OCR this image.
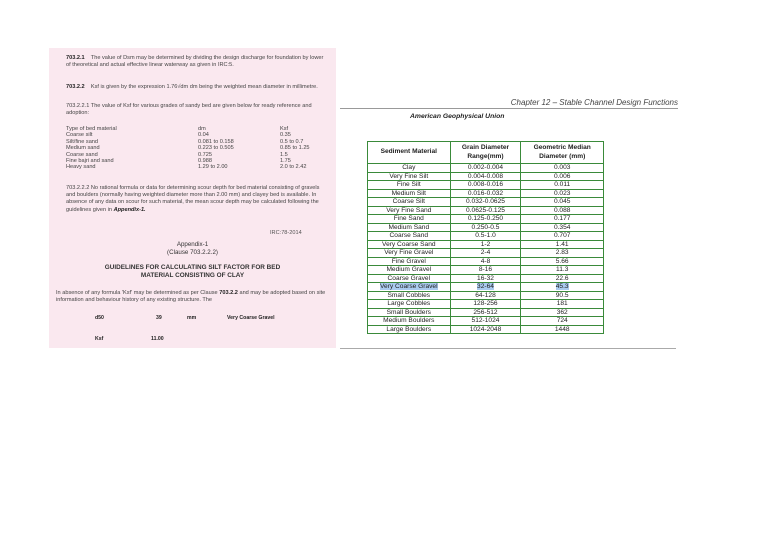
703.2.1 The value of Dsm may be determined by dividing the design discharge for foundation by lower of theoretical and actual effective linear waterway as given in IRC:5.

703.2.2 Ksf is given by the expression 1.76√dm dm being the weighted mean diameter in millimetre.

703.2.2.1 The value of Ksf for various grades of sandy bed are given below for ready reference and adoption:

Type of bed material	dm	Ksf
Coarse silt	0.04	0.35
Silt/fine sand	0.081 to 0.158	0.5 to 0.7
Medium sand	0.223 to 0.505	0.85 to 1.25
Coarse sand	0.725	1.5
Fine bajri and sand	0.988	1.75
Heavy sand	1.29 to 2.00	2.0 to 2.42

703.2.2.2 No rational formula or data for determining scour depth for bed material consisting of gravels and boulders (normally having weighted diameter more than 2.00 mm) and clayey bed is available. In absence of any data on scour for such material, the mean scour depth may be calculated following the guidelines given in Appendix-1.

IRC:78-2014
Appendix-1
(Clause 703.2.2.2)
GUIDELINES FOR CALCULATING SILT FACTOR FOR BED
MATERIAL CONSISTING OF CLAY

In absence of any formula 'Ksf' may be determined as per Clause 703.2.2 and may be adopted based on site information and behaviour history of any existing structure. The

d50	39	mm	Very Coarse Gravel
Ksf	11.00
Chapter 12 – Stable Channel Design Functions
American Geophysical Union
Sediment Material	Grain Diameter Range(mm)	Geometric Median Diameter (mm)
Clay	0.002-0.004	0.003
Very Fine Silt	0.004-0.008	0.006
Fine Silt	0.008-0.016	0.011
Medium Silt	0.016-0.032	0.023
Coarse Silt	0.032-0.0625	0.045
Very Fine Sand	0.0625-0.125	0.088
Fine Sand	0.125-0.250	0.177
Medium Sand	0.250-0.5	0.354
Coarse Sand	0.5-1.0	0.707
Very Coarse Sand	1-2	1.41
Very Fine Gravel	2-4	2.83
Fine Gravel	4-8	5.66
Medium Gravel	8-16	11.3
Coarse Gravel	16-32	22.6
Very Coarse Gravel	32-64	45.3
Small Cobbles	64-128	90.5
Large Cobbles	128-256	181
Small Boulders	256-512	362
Medium Boulders	512-1024	724
Large Boulders	1024-2048	1448
